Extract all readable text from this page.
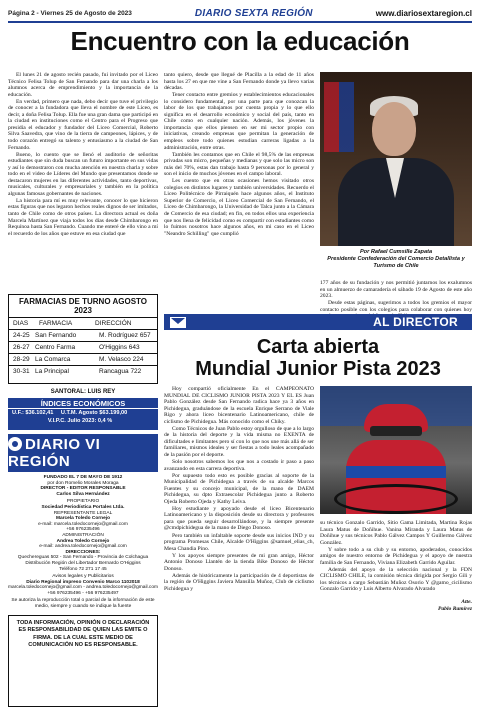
Página 2 - Viernes 25 de Agosto de 2023	DIARIO SEXTA REGIÓN	www.diariosextaregion.cl
Encuentro con la educación

El lunes 21 de agosto recién pasado, fui invitado por el Liceo Técnico Felisa Tolup de San Fernando para dar una charla a los alumnos acerca de emprendimiento y la importancia de la educación.

En verdad, primero que nada, debo decir que tuve el privilegio de conocer a la fundadora que lleva el nombre de este Liceo, es decir, a doña Felisa Tolup. Ella fue una gran dama que participó en la ciudad en instituciones como el Centro para el Progreso que presidía el educador y fundador del Liceo Comercial, Roberto Silva Saavedra, que vino de la tierra de campeones, lápices, y de todo corazón entregó su talento y entusiasmo a la ciudad de San Fernando.

Bueno, lo cuento que se llenó el auditorio de señoritas estudiantes que sin duda buscan un futuro importante en sus vidas y así lo demostraron con mucha atención en nuestra charla y sobre todo en el video de Líderes del Mundo que presentamos donde se destacaron mujeres en las diferentes actividades, tanto deportivas, musicales, culturales y empresariales y también en la política algunas famosas gobernantes de naciones.

La historia para mí es muy relevante, conocer lo que hicieron estas figuras que nos legaron hechos reales dignos de ser imitados, tanto de Chile como de otros países. La directora actual es doña Marcela Martínez que viaja todos los días desde Chimbarongo en Requínoa hasta San Fernando. Cuando me enteré de ello vino a mí el recuerdo de los años que estuve en esa ciudad que

tanto quiero, desde que llegué de Placilla a la edad de 11 años hasta los 27 en que me vine a San Fernando donde ya llevo varias décadas.

Tener contacto entre gremios y establecimientos educacionales lo considero fundamental, por una parte para que conozcan la labor de los que trabajamos por cuenta propia y lo que ello significa en el desarrollo económico y social del país, tanto en Chile como en cualquier nación. Además, los jóvenes la importancia que ellos piensen en ser mi sector propio con iniciativas, creando empresas que permitan la generación de empleos sobre todo quienes estudian carreras ligadas a la administración, entre otras.

También les contamos que en Chile el 98,5% de las empresas privadas son micro, pequeñas y medianas y que solo las micro son más del 70%, estas dan trabajo hasta 9 personas por lo general y son el inicio de muchos jóvenes en el campo laboral.

Les cuento que en otras ocasiones hemos visitado otros colegios en distintos lugares y también universidades. Recuerdo el Liceo Politécnico de Pirraiquén hace algunos años, el Instituto Superior de Comercio, el Liceo Comercial de San Fernando, el Liceo de Chimbarongo, la Universidad de Talca junto a la Cámara de Comercio de esa ciudad; en fin, en todos ellos una experiencia que nos llena de felicidad como es compartir con estudiantes como lo fuimos nosotros hace algunos años, en mi caso en el Liceo "Neandro Schilling" que cumplió

Por Rafael Cumsille Zapata
Presidente Confederación del Comercio Detallista y Turismo de Chile

177 años de su fundación y nos permitió juntarnos los exalumnos en un almuerzo de camaradería el sábado 19 de Agosto de este año 2023.

Desde estas páginas, sugerimos a todos los gremios el mayor contacto posible con los colegios para colaborar con quienes hoy

FARMACIAS DE TURNO AGOSTO 2023
DIAS	FARMACIA	DIRECCIÓN
24-25 San Fernando	M. Rodríguez 657
26-27 Centro Farma	O'Higgins 643
28-29 La Comarca	M. Velasco 224
30-31 La Principal	Rancagua 722
SANTORAL: LUIS REY
ÍNDICES ECONÓMICOS
U.F.: $36.102,41 U.T.M. Agosto $63.199,00
V.I.P.C. Julio 2023: 0,4 %
DIARIO VI REGIÓN
FUNDADO EL 7 DE MAYO DE 1912
por don Romelio Morales Moraga
DIRECTOR - EDITOR RESPONSABLE
Carlos Silva Hernández
PROPIETARIO
Sociedad Periodística Portales Ltda.
REPRESENTANTE LEGAL
Marcela Toledo Cornejo
e-mail: marcela.toledocornejo@gmail.com
+56 976235496
ADMINISTRACIÓN
Andrea Toledo Cornejo
e-mail: andrea.toledocornejo@gmail.com
DIRECCIONES:
Quechereguas 502 - San Fernando - Provincia de Colchagua
Distribución Región del Libertador Bernardo O'Higgins
Teléfono 72 271 17 45
Avisos legales y Publicitarios
Diario Regional impreso Convenio Marco 1102018
marcela.toledocornejo@gmail.com - andrea.toledocornejo@gmail.com
+56 976235496 - +56 976235497
Se autoriza la reproducción total o parcial de la información de este medio, siempre y cuando se indique la fuente
TODA INFORMACIÓN, OPINIÓN O DECLARACIÓN ES RESPONSABILIDAD DE QUIEN LAS EMITE O FIRMA. DE LA CUAL ESTE MEDIO DE COMUNICACIÓN NO ES RESPONSABLE.
AL DIRECTOR
Carta abierta
Mundial Junior Pista 2023

Hoy compartió oficialmente En el CAMPEONATO MUNDIAL DE CICLISMO JUNIOR PISTA 2023 Y EL ES Juan Pablo González desde San Fernando radica hace ya 3 años en Pichidegua, graduándose de la escuela Enrique Serrano de Viale Rigo y ahora liceo bicentenario Latinoamericano, chile de ciclismo de Pichidegua. Más conocido como el Chiky.

Como Técnicos de Juan Pablo estoy orgulloso de que a lo largo de la historia del deporte y la vida misma no EXENTA de dificultades e limitantes pero sí con lo que nos une más allá de ser familiares, mismos ideales y ser fiestas a todo leales acompañado de la pasión por el deporte.

Solo nosotros sabemos los que nos a costado ir paso a paso avanzando en esta carrera deportiva.

Por supuesto todo esto es posible gracias al soporte de la Municipalidad de Pichidegua a través de su alcalde Marcos Fuentes y su concejo municipal, de la mano de DAEM Pichidegua, su dpto Extraescolar Pichidegua junto a Roberto Ojeda Roberto Ojeda y Kathy Leiva.

Hoy estudiante y apoyado desde el liceo Bicentenario Latinoamericano y la disposición desde su directora y profesores para que pueda seguir desarrollándose, y la siempre presente @cmdpichidegua de la mano de Diego Donoso.

Pero también un infaltable soporte desde sus inicios IND y su programa Promesas Chile, Alcalde O'Higgins @samuel_elias_ch, Mesa Chandia Pino.

Y los apoyos siempre presentes de mi gran amigo, Héctor Antonio Donoso Llantén de la tienda Bike Donoso de Héctor Donoso.

Además de históricamente la participación de 4 deportistas de la región de O'Higgins Javiera Mansilla Muñoz, Club de ciclismo Pichidegua y

su técnico Gonzalo Garrido, Sitio Gama Limitada, Martina Rojas Laura Matus de Doñihue. Vanina Miranda y Laura Matus de Doñihue y sus técnicos Pablo Gálvez Campos Y Guillermo Gálvez González.

Y sobre todo a su club y su entorno, apoderados, conocidos amigos de nuestro entorno de Pichidegua y el apoyo de nuestra familia de San Fernando, Viviana Elizabeth Garrido Aguilar.

Además del apoyo de la selección nacional y la FDN CICLISMO CHILE, la comisión técnica dirigida por Sergio Gili y los técnicos a cargo Sebastián Muñoz Osorio Y @gamo_cicilismo Gonzalo Garrido y Luis Alberto Alvarado Alvarado

Atte.
Pablo Ramírez
